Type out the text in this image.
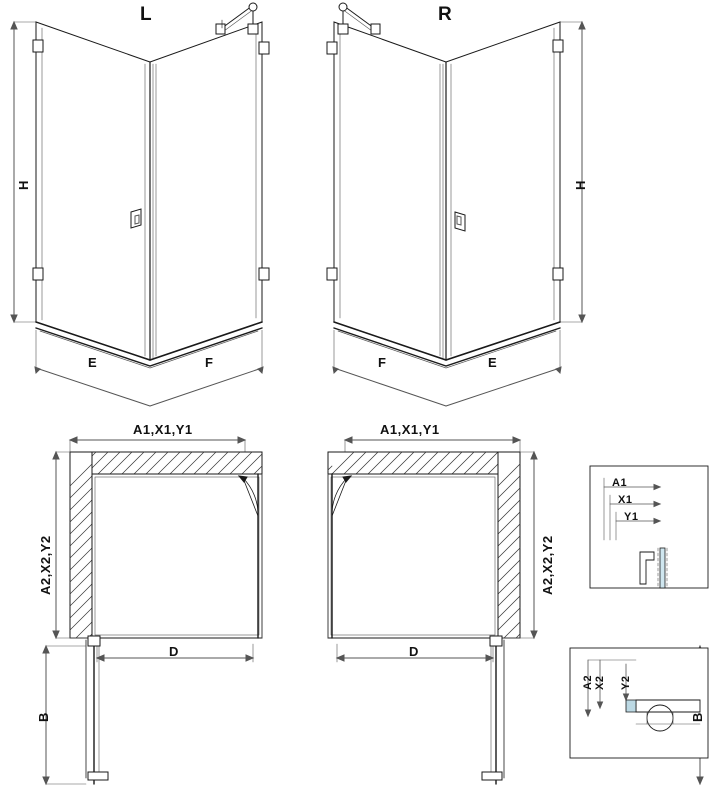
L	R
H	H
E	F	F	E
A1,X1,Y1	A1,X1,Y1
A2,X2,Y2	A2,X2,Y2
D	D
B	B
A1
X1
Y1
A2 X2 Y2
